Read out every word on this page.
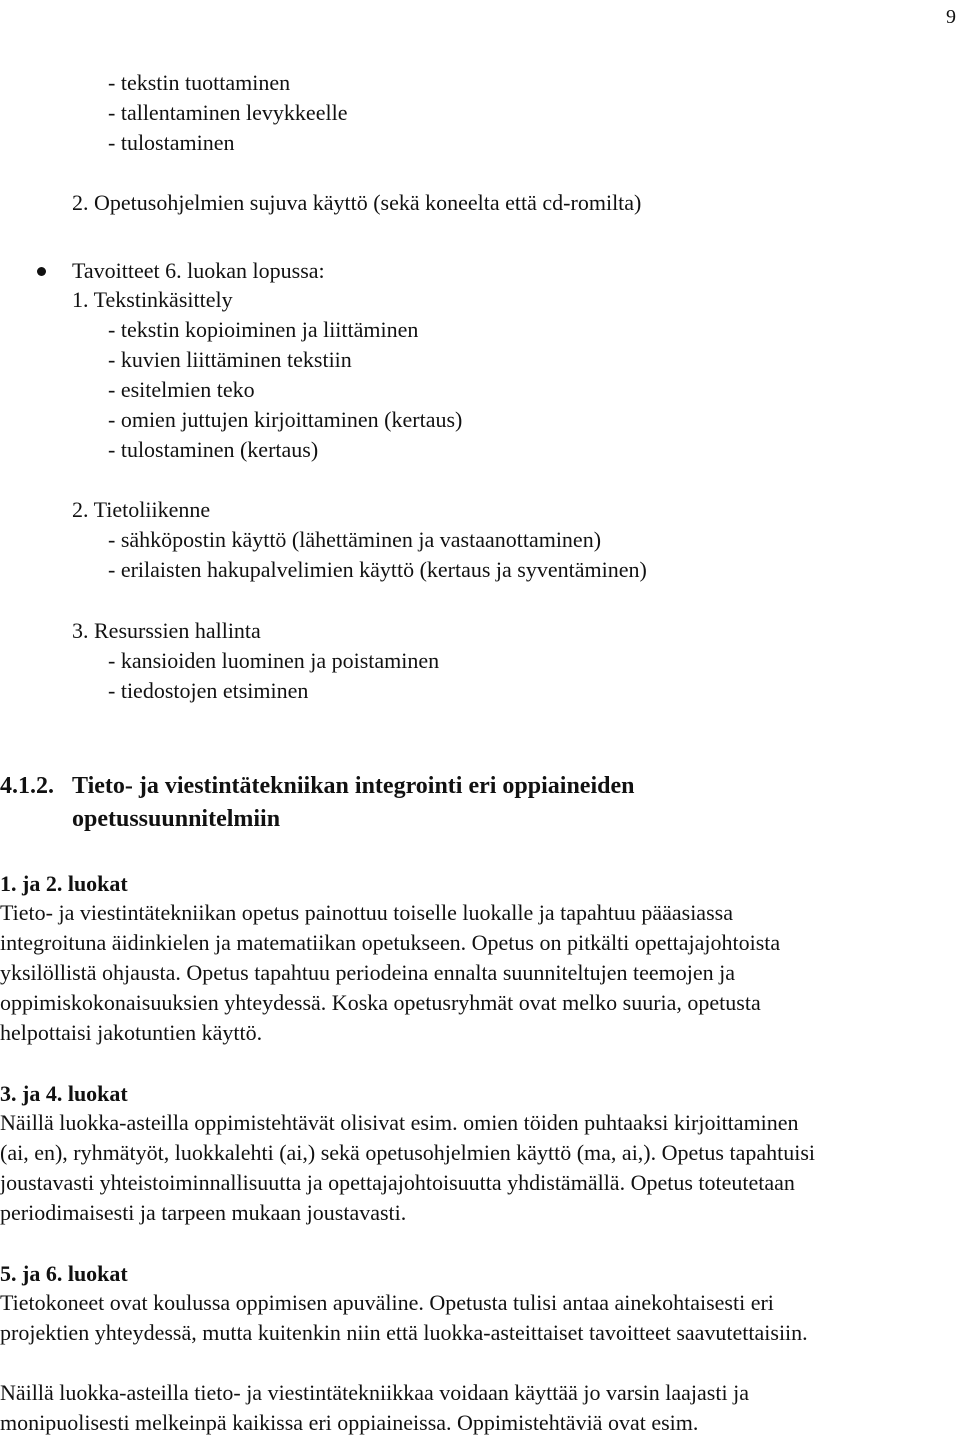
9
- tekstin tuottaminen
- tallentaminen levykkeelle
- tulostaminen
2. Opetusohjelmien sujuva käyttö (sekä koneelta että cd-romilta)
Tavoitteet 6. luokan lopussa:
1. Tekstinkäsittely
- tekstin kopioiminen ja liittäminen
- kuvien liittäminen tekstiin
- esitelmien teko
- omien juttujen kirjoittaminen (kertaus)
- tulostaminen (kertaus)
2. Tietoliikenne
- sähköpostin käyttö (lähettäminen ja vastaanottaminen)
- erilaisten hakupalvelimien käyttö (kertaus ja syventäminen)
3. Resurssien hallinta
- kansioiden luominen ja poistaminen
- tiedostojen etsiminen
4.1.2. Tieto- ja viestintätekniikan integrointi eri oppiaineiden
opetussuunnitelmiin
1. ja 2. luokat
Tieto- ja viestintätekniikan opetus painottuu toiselle luokalle ja tapahtuu pääasiassa
integroituna äidinkielen ja matematiikan opetukseen. Opetus on pitkälti opettajajohtoista
yksilöllistä ohjausta. Opetus tapahtuu periodeina ennalta suunniteltujen teemojen ja
oppimiskokonaisuuksien yhteydessä. Koska opetusryhmät ovat melko suuria, opetusta
helpottaisi jakotuntien käyttö.
3. ja 4. luokat
Näillä luokka-asteilla oppimistehtävät olisivat esim. omien töiden puhtaaksi kirjoittaminen
(ai, en), ryhmätyöt, luokkalehti (ai,) sekä opetusohjelmien käyttö (ma, ai,). Opetus tapahtuisi
joustavasti yhteistoiminnallisuutta ja opettajajohtoisuutta yhdistämällä. Opetus toteutetaan
periodimaisesti ja tarpeen mukaan joustavasti.
5. ja 6. luokat
Tietokoneet ovat koulussa oppimisen apuväline. Opetusta tulisi antaa ainekohtaisesti eri
projektien yhteydessä, mutta kuitenkin niin että luokka-asteittaiset tavoitteet saavutettaisiin.
Näillä luokka-asteilla tieto- ja viestintätekniikkaa voidaan käyttää jo varsin laajasti ja
monipuolisesti melkeinpä kaikissa eri oppiaineissa. Oppimistehtäviä ovat esim.
